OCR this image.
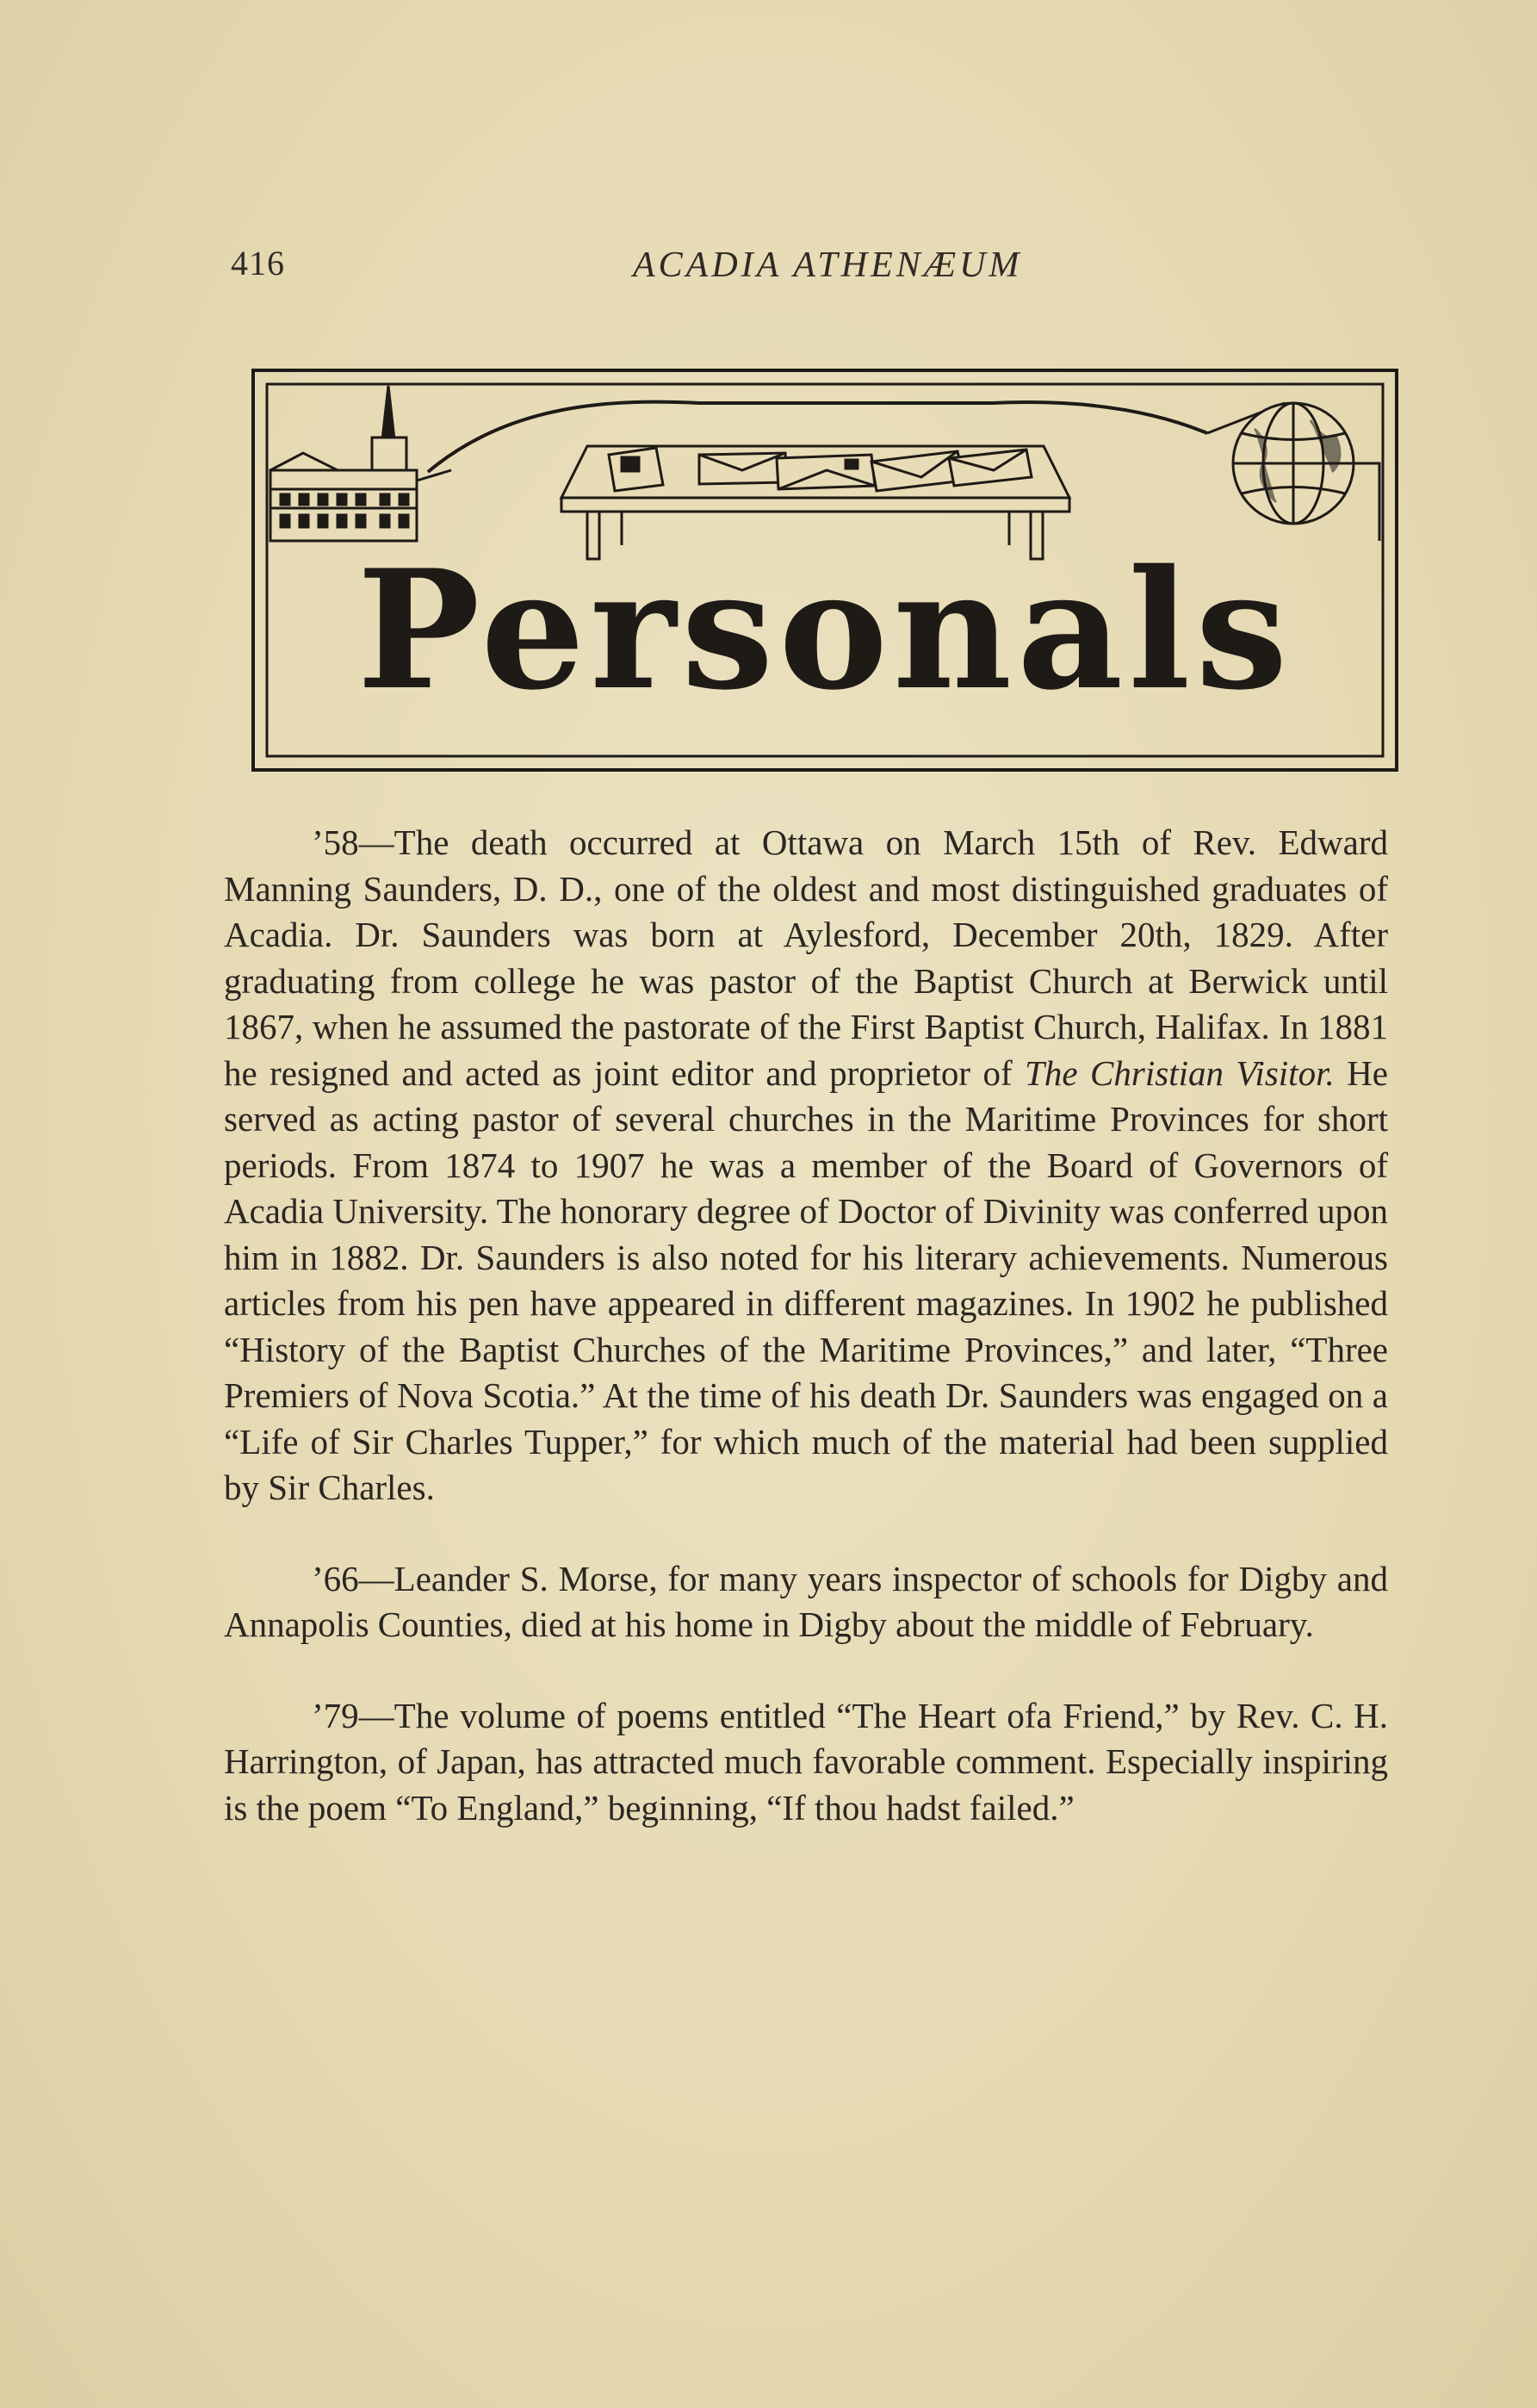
416	ACADIA ATHENÆUM
Personals

’58—The death occurred at Ottawa on March 15th of Rev. Edward Manning Saunders, D. D., one of the oldest and most distinguished graduates of Acadia. Dr. Saunders was born at Aylesford, December 20th, 1829. After graduating from college he was pastor of the Baptist Church at Berwick until 1867, when he assumed the pastorate of the First Baptist Church, Halifax. In 1881 he resigned and acted as joint editor and proprietor of The Christian Visitor. He served as acting pastor of several churches in the Maritime Provinces for short periods. From 1874 to 1907 he was a member of the Board of Governors of Acadia University. The honorary degree of Doctor of Divinity was conferred upon him in 1882. Dr. Saunders is also noted for his literary achievements. Numerous articles from his pen have appeared in different magazines. In 1902 he published “History of the Baptist Churches of the Maritime Provinces,” and later, “Three Premiers of Nova Scotia.” At the time of his death Dr. Saunders was engaged on a “Life of Sir Charles Tupper,” for which much of the material had been supplied by Sir Charles.

’66—Leander S. Morse, for many years inspector of schools for Digby and Annapolis Counties, died at his home in Digby about the middle of February.

’79—The volume of poems entitled “The Heart ofa Friend,” by Rev. C. H. Harrington, of Japan, has attracted much favorable comment. Especially inspiring is the poem “To England,” beginning, “If thou hadst failed.”
